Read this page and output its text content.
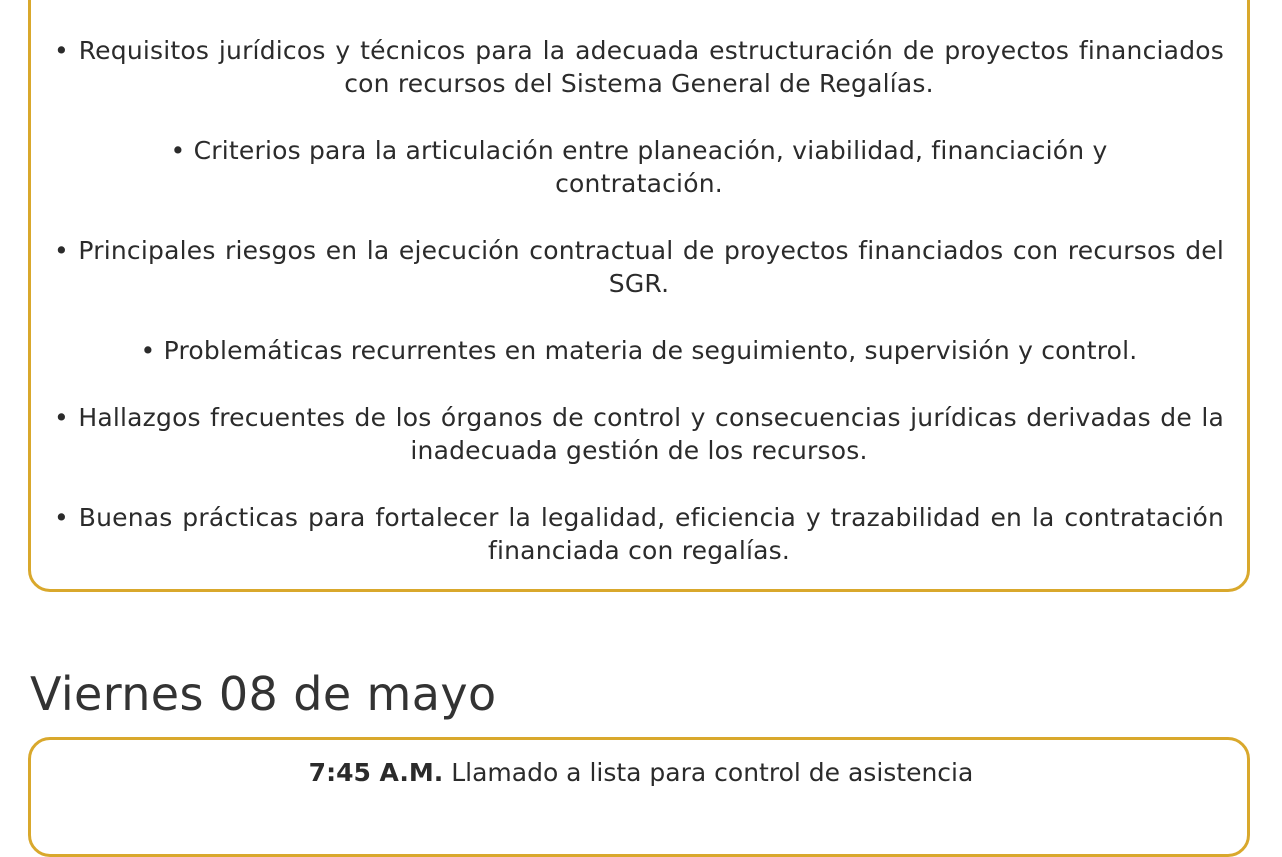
• Requisitos jurídicos y técnicos para la adecuada estructuración de proyectos financiados con recursos del Sistema General de Regalías.
• Criterios para la articulación entre planeación, viabilidad, financiación y contratación.
• Principales riesgos en la ejecución contractual de proyectos financiados con recursos del SGR.
• Problemáticas recurrentes en materia de seguimiento, supervisión y control.
• Hallazgos frecuentes de los órganos de control y consecuencias jurídicas derivadas de la inadecuada gestión de los recursos.
• Buenas prácticas para fortalecer la legalidad, eficiencia y trazabilidad en la contratación financiada con regalías.
Viernes 08 de mayo
7:45 A.M. Llamado a lista para control de asistencia
